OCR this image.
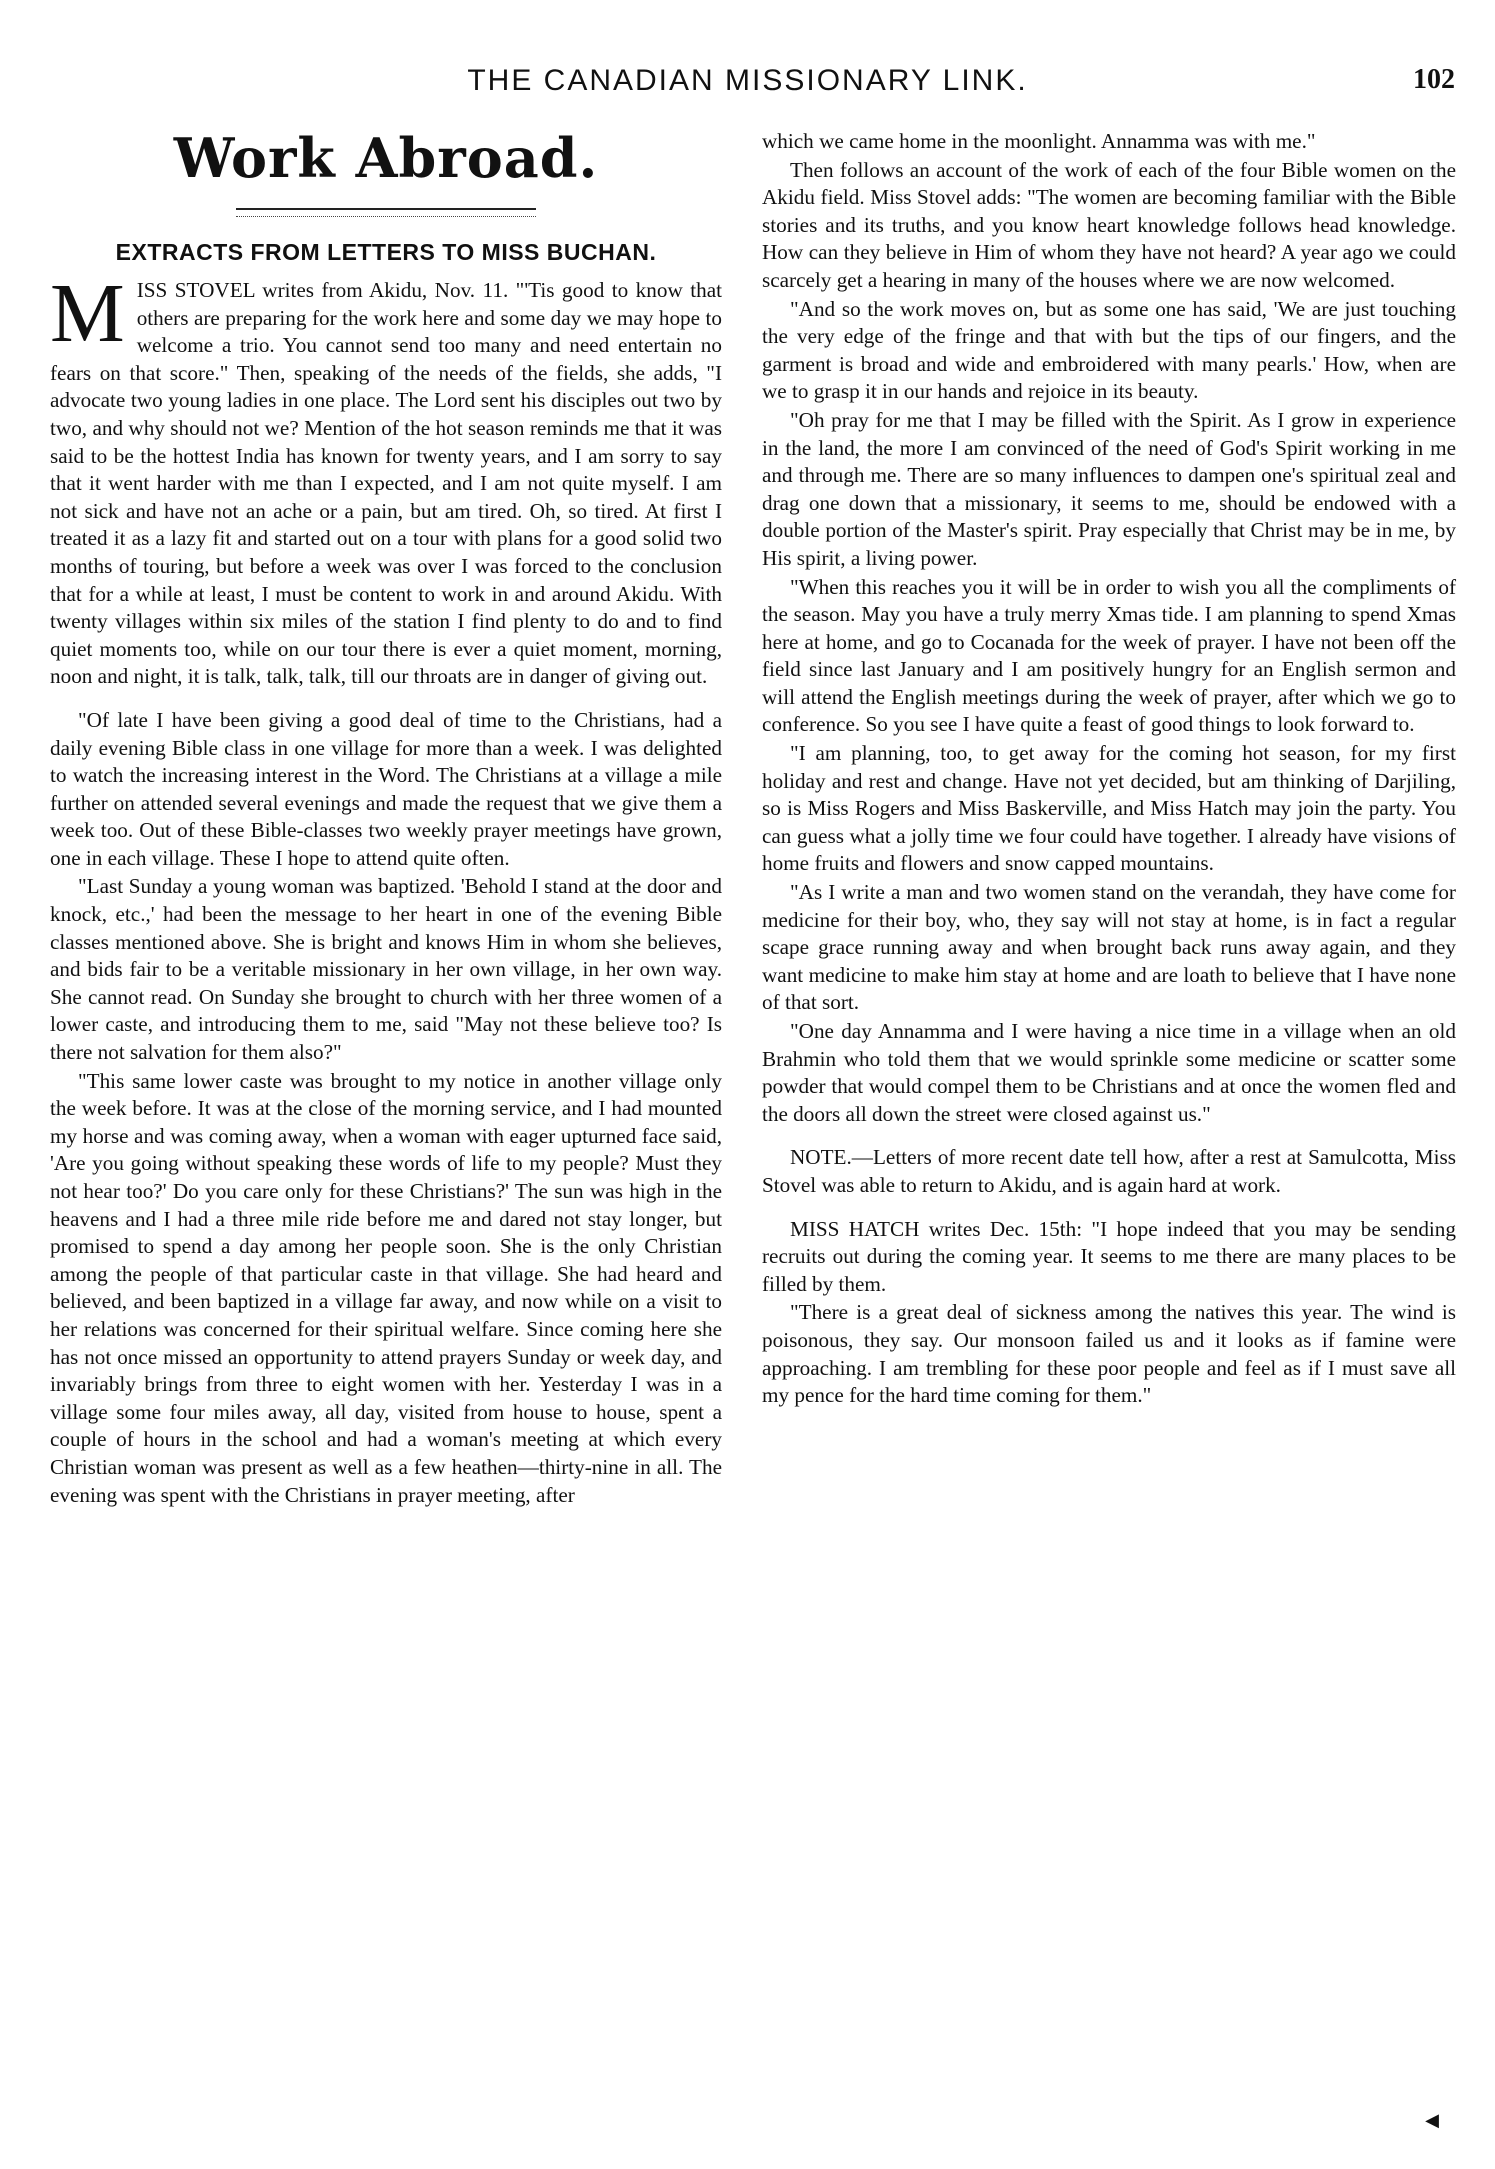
THE CANADIAN MISSIONARY LINK.	102
Work Abroad.
EXTRACTS FROM LETTERS TO MISS BUCHAN.

MISS STOVEL writes from Akidu, Nov. 11. "'Tis good to know that others are preparing for the work here and some day we may hope to welcome a trio. You cannot send too many and need entertain no fears on that score." Then, speaking of the needs of the fields, she adds, "I advocate two young ladies in one place. The Lord sent his disciples out two by two, and why should not we? Mention of the hot season reminds me that it was said to be the hottest India has known for twenty years, and I am sorry to say that it went harder with me than I expected, and I am not quite myself. I am not sick and have not an ache or a pain, but am tired. Oh, so tired. At first I treated it as a lazy fit and started out on a tour with plans for a good solid two months of touring, but before a week was over I was forced to the conclusion that for a while at least, I must be content to work in and around Akidu. With twenty villages within six miles of the station I find plenty to do and to find quiet moments too, while on our tour there is ever a quiet moment, morning, noon and night, it is talk, talk, talk, till our throats are in danger of giving out.

"Of late I have been giving a good deal of time to the Christians, had a daily evening Bible class in one village for more than a week. I was delighted to watch the increasing interest in the Word. The Christians at a village a mile further on attended several evenings and made the request that we give them a week too. Out of these Bible-classes two weekly prayer meetings have grown, one in each village. These I hope to attend quite often.

"Last Sunday a young woman was baptized. 'Behold I stand at the door and knock, etc.,' had been the message to her heart in one of the evening Bible classes mentioned above. She is bright and knows Him in whom she believes, and bids fair to be a veritable missionary in her own village, in her own way. She cannot read. On Sunday she brought to church with her three women of a lower caste, and introducing them to me, said "May not these believe too? Is there not salvation for them also?"

"This same lower caste was brought to my notice in another village only the week before. It was at the close of the morning service, and I had mounted my horse and was coming away, when a woman with eager upturned face said, 'Are you going without speaking these words of life to my people? Must they not hear too?' Do you care only for these Christians?' The sun was high in the heavens and I had a three mile ride before me and dared not stay longer, but promised to spend a day among her people soon. She is the only Christian among the people of that particular caste in that village. She had heard and believed, and been baptized in a village far away, and now while on a visit to her relations was concerned for their spiritual welfare. Since coming here she has not once missed an opportunity to attend prayers Sunday or week day, and invariably brings from three to eight women with her. Yesterday I was in a village some four miles away, all day, visited from house to house, spent a couple of hours in the school and had a woman's meeting at which every Christian woman was present as well as a few heathen—thirty-nine in all. The evening was spent with the Christians in prayer meeting, after

which we came home in the moonlight. Annamma was with me."

Then follows an account of the work of each of the four Bible women on the Akidu field. Miss Stovel adds: "The women are becoming familiar with the Bible stories and its truths, and you know heart knowledge follows head knowledge. How can they believe in Him of whom they have not heard? A year ago we could scarcely get a hearing in many of the houses where we are now welcomed.

"And so the work moves on, but as some one has said, 'We are just touching the very edge of the fringe and that with but the tips of our fingers, and the garment is broad and wide and embroidered with many pearls.' How, when are we to grasp it in our hands and rejoice in its beauty.

"Oh pray for me that I may be filled with the Spirit. As I grow in experience in the land, the more I am convinced of the need of God's Spirit working in me and through me. There are so many influences to dampen one's spiritual zeal and drag one down that a missionary, it seems to me, should be endowed with a double portion of the Master's spirit. Pray especially that Christ may be in me, by His spirit, a living power.

"When this reaches you it will be in order to wish you all the compliments of the season. May you have a truly merry Xmas tide. I am planning to spend Xmas here at home, and go to Cocanada for the week of prayer. I have not been off the field since last January and I am positively hungry for an English sermon and will attend the English meetings during the week of prayer, after which we go to conference. So you see I have quite a feast of good things to look forward to.

"I am planning, too, to get away for the coming hot season, for my first holiday and rest and change. Have not yet decided, but am thinking of Darjiling, so is Miss Rogers and Miss Baskerville, and Miss Hatch may join the party. You can guess what a jolly time we four could have together. I already have visions of home fruits and flowers and snow capped mountains.

"As I write a man and two women stand on the verandah, they have come for medicine for their boy, who, they say will not stay at home, is in fact a regular scape grace running away and when brought back runs away again, and they want medicine to make him stay at home and are loath to believe that I have none of that sort.

"One day Annamma and I were having a nice time in a village when an old Brahmin who told them that we would sprinkle some medicine or scatter some powder that would compel them to be Christians and at once the women fled and the doors all down the street were closed against us."

NOTE.—Letters of more recent date tell how, after a rest at Samulcotta, Miss Stovel was able to return to Akidu, and is again hard at work.

MISS HATCH writes Dec. 15th: "I hope indeed that you may be sending recruits out during the coming year. It seems to me there are many places to be filled by them.

"There is a great deal of sickness among the natives this year. The wind is poisonous, they say. Our monsoon failed us and it looks as if famine were approaching. I am trembling for these poor people and feel as if I must save all my pence for the hard time coming for them."

◀
